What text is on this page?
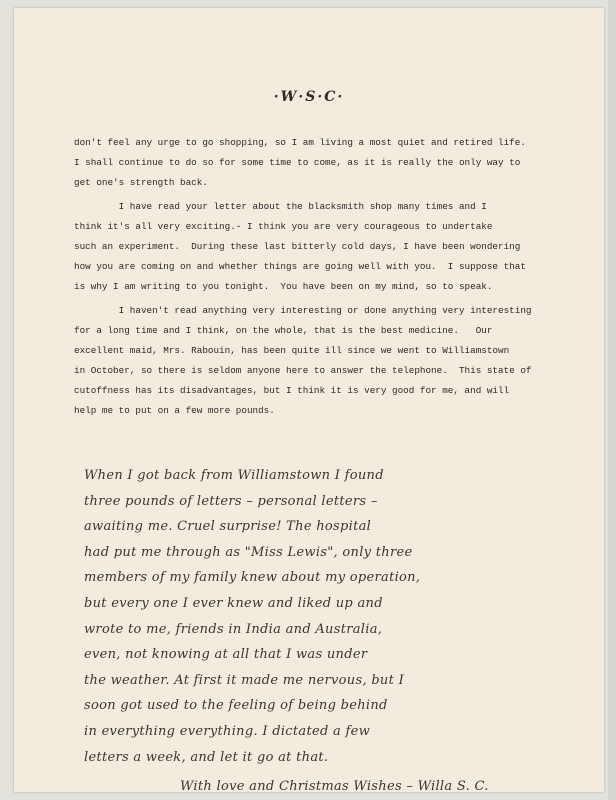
·W·S·C·
don't feel any urge to go shopping, so I am living a most quiet and retired life.
I shall continue to do so for some time to come, as it is really the only way to
get one's strength back.
I have read your letter about the blacksmith shop many times and I
think it's all very exciting.- I think you are very courageous to undertake
such an experiment.  During these last bitterly cold days, I have been wondering
how you are coming on and whether things are going well with you.  I suppose that
is why I am writing to you tonight.  You have been on my mind, so to speak.
I haven't read anything very interesting or done anything very interesting
for a long time and I think, on the whole, that is the best medicine.   Our
excellent maid, Mrs. Rabouin, has been quite ill since we went to Williamstown
in October, so there is seldom anyone here to answer the telephone.  This state of
cutoffness has its disadvantages, but I think it is very good for me, and will
help me to put on a few more pounds.
When I got back from Williamstown I found
three pounds of letters – personal letters –
awaiting me. Cruel surprise! The hospital
had put me through as "Miss Lewis", only three
members of my family knew about my operation,
but every one I ever knew and liked up and
wrote to me, friends in India and Australia,
even, not knowing at all that I was under
the weather. At first it made me nervous, but I
soon got used to the feeling of being behind
in everything everything. I dictated a few
letters a week, and let it go at that.
With love and Christmas Wishes – Willa S. C.
